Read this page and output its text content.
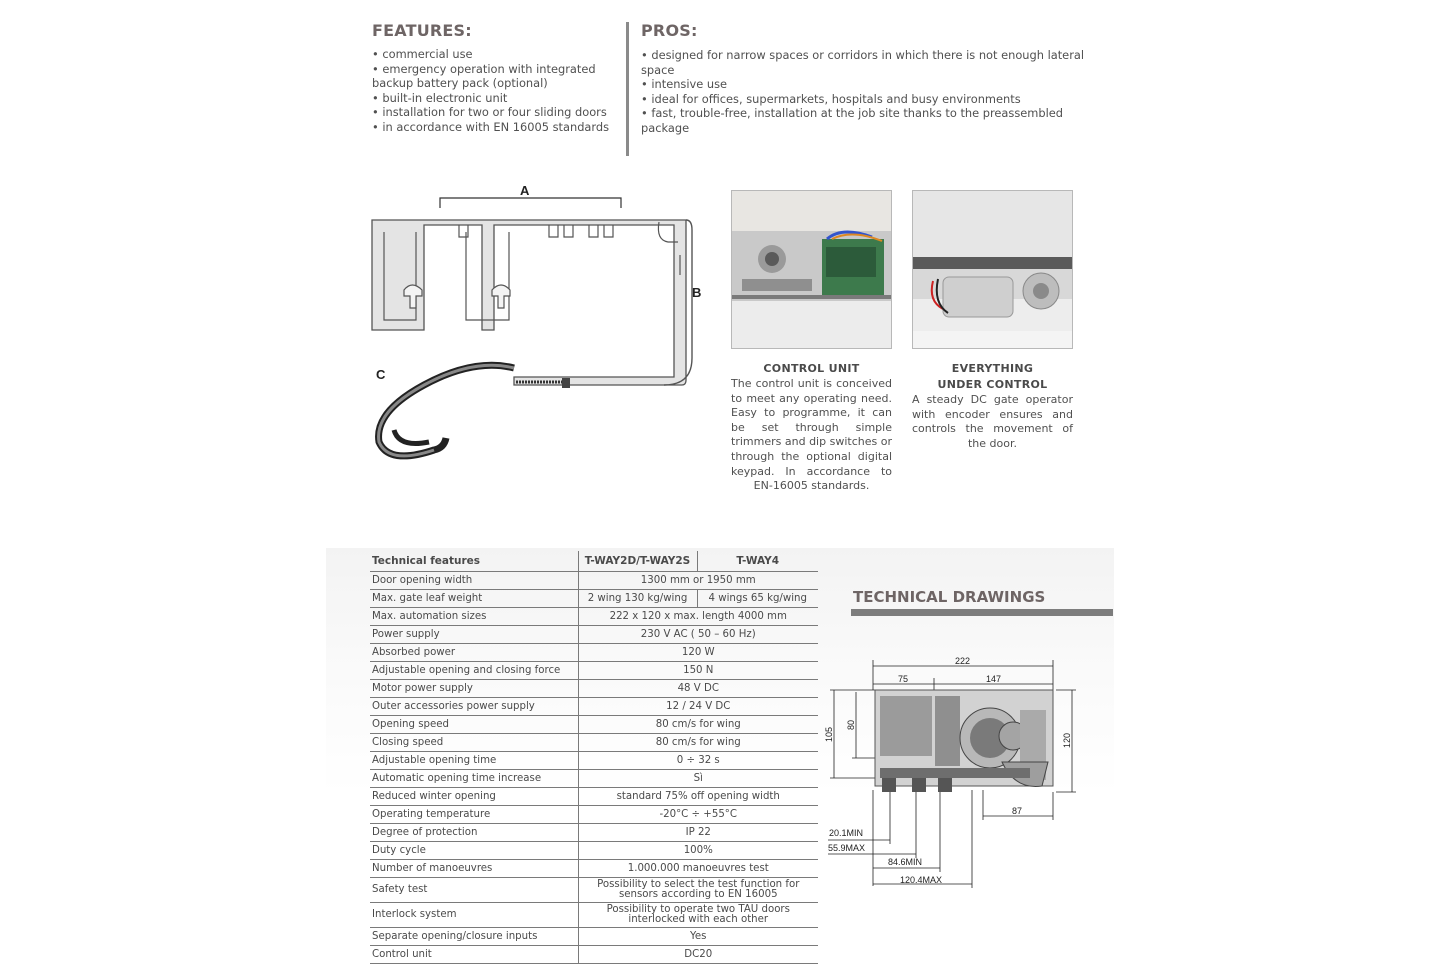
FEATURES:
• commercial use
• emergency operation with integrated backup battery pack (optional)
• built-in electronic unit
• installation for two or four sliding doors
• in accordance with EN 16005 standards
PROS:
• designed for narrow spaces or corridors in which there is not enough lateral space
• intensive use
• ideal for offices, supermarkets, hospitals and busy environments
• fast, trouble-free, installation at the job site thanks to the preassembled package
A
B
C	CONTROL UNIT
The control unit is conceived to meet any operating need. Easy to programme, it can be set through simple trimmers and dip switches or through the optional digital keypad. In accordance to EN-16005 standards.
EVERYTHING
UNDER CONTROL
A steady DC gate operator with encoder ensures and controls the movement of the door.
Technical features	T-WAY2D/T-WAY2S	T-WAY4
Door opening width	1300 mm or 1950 mm	
Max. gate leaf weight	2 wing 130 kg/wing	4 wings 65 kg/wing
Max. automation sizes	222 x 120 x max. length 4000 mm	
Power supply	230 V AC ( 50 – 60 Hz)	
Absorbed power	120 W	
Adjustable opening and closing force	150 N	
Motor power supply	48 V DC	
Outer accessories power supply	12 / 24 V DC	
Opening speed	80 cm/s for wing	
Closing speed	80 cm/s for wing	
Adjustable opening time	0 ÷ 32 s	
Automatic opening time increase	Sì	
Reduced winter opening	standard 75% off opening width	
Operating temperature	-20°C ÷ +55°C	
Degree of protection	IP 22	
Duty cycle	100%	
Number of manoeuvres	1.000.000 manoeuvres test	
Safety test	Possibility to select the test function for sensors according to EN 16005	
Interlock system	Possibility to operate two TAU doors interlocked with each other	
Separate opening/closure inputs	Yes	
Control unit	DC20	
TECHNICAL DRAWINGS
222
75	147
105
80
120
87
20.1MIN
55.9MAX
84.6MIN
120.4MAX
